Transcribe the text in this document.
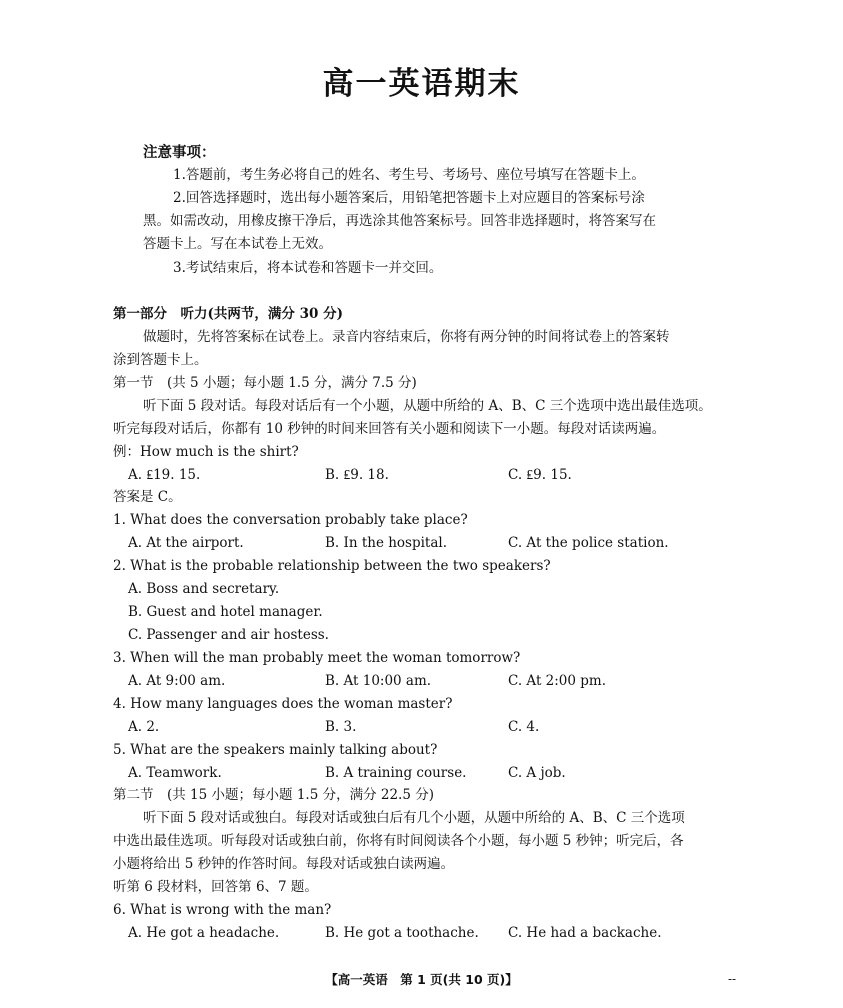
高一英语期末
注意事项：
1.答题前，考生务必将自己的姓名、考生号、考场号、座位号填写在答题卡上。
2.回答选择题时，选出每小题答案后，用铅笔把答题卡上对应题目的答案标号涂
黑。如需改动，用橡皮擦干净后，再选涂其他答案标号。回答非选择题时，将答案写在
答题卡上。写在本试卷上无效。
3.考试结束后，将本试卷和答题卡一并交回。
第一部分　听力(共两节，满分 30 分)
做题时，先将答案标在试卷上。录音内容结束后，你将有两分钟的时间将试卷上的答案转
涂到答题卡上。
第一节　(共 5 小题；每小题 1.5 分，满分 7.5 分)
听下面 5 段对话。每段对话后有一个小题，从题中所给的 A、B、C 三个选项中选出最佳选项。
听完每段对话后，你都有 10 秒钟的时间来回答有关小题和阅读下一小题。每段对话读两遍。
例：How much is the shirt?
A. ₤19. 15.	B. ₤9. 18.	C. ₤9. 15.
答案是 C。
1. What does the conversation probably take place?
A. At the airport.	B. In the hospital.	C. At the police station.
2. What is the probable relationship between the two speakers?
A. Boss and secretary.
B. Guest and hotel manager.
C. Passenger and air hostess.
3. When will the man probably meet the woman tomorrow?
A. At 9:00 am.	B. At 10:00 am.	C. At 2:00 pm.
4. How many languages does the woman master?
A. 2.	B. 3.	C. 4.
5. What are the speakers mainly talking about?
A. Teamwork.	B. A training course.	C. A job.
第二节　(共 15 小题；每小题 1.5 分，满分 22.5 分)
听下面 5 段对话或独白。每段对话或独白后有几个小题，从题中所给的 A、B、C 三个选项
中选出最佳选项。听每段对话或独白前，你将有时间阅读各个小题，每小题 5 秒钟；听完后，各
小题将给出 5 秒钟的作答时间。每段对话或独白读两遍。
听第 6 段材料，回答第 6、7 题。
6. What is wrong with the man?
A. He got a headache.	B. He got a toothache. C. He had a backache.
【高一英语　第 1 页(共 10 页)】	--
